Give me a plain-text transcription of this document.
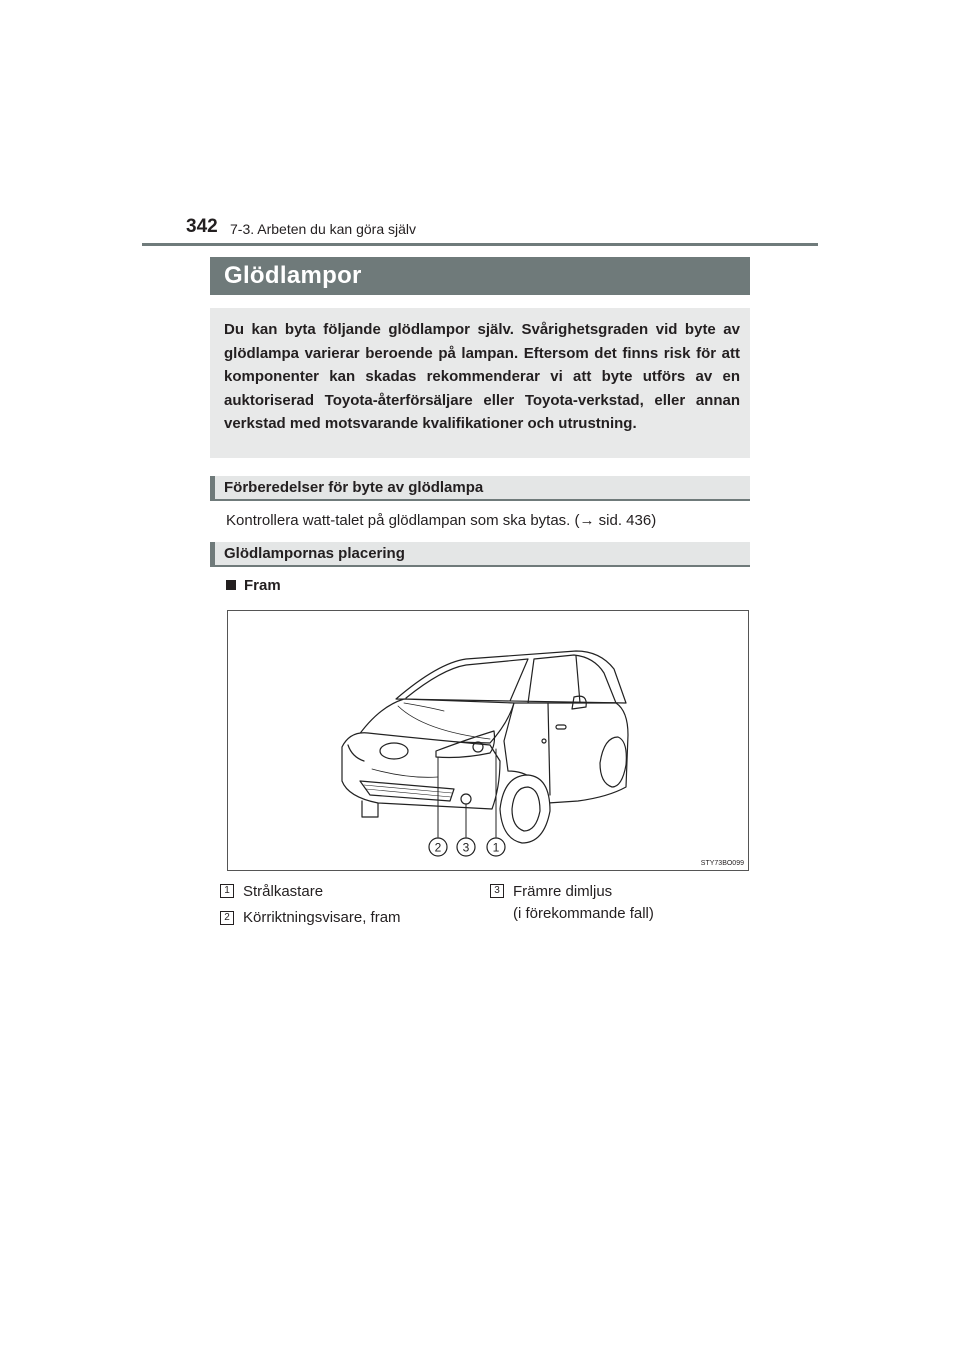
342 7-3. Arbeten du kan göra själv
Glödlampor

Du kan byta följande glödlampor själv. Svårighetsgraden vid byte av glödlampa varierar beroende på lampan. Eftersom det finns risk för att komponenter kan skadas rekommenderar vi att byte utförs av en auktoriserad Toyota-återförsäljare eller Toyota-verkstad, eller annan verkstad med motsvarande kvalifikationer och utrustning.

Förberedelser för byte av glödlampa
Kontrollera watt-talet på glödlampan som ska bytas. (→ sid. 436)
Glödlampornas placering
Fram
2 3 1
STY73BO099
1 Strålkastare
2 Körriktningsvisare, fram
3 Främre dimljus
(i förekommande fall)
